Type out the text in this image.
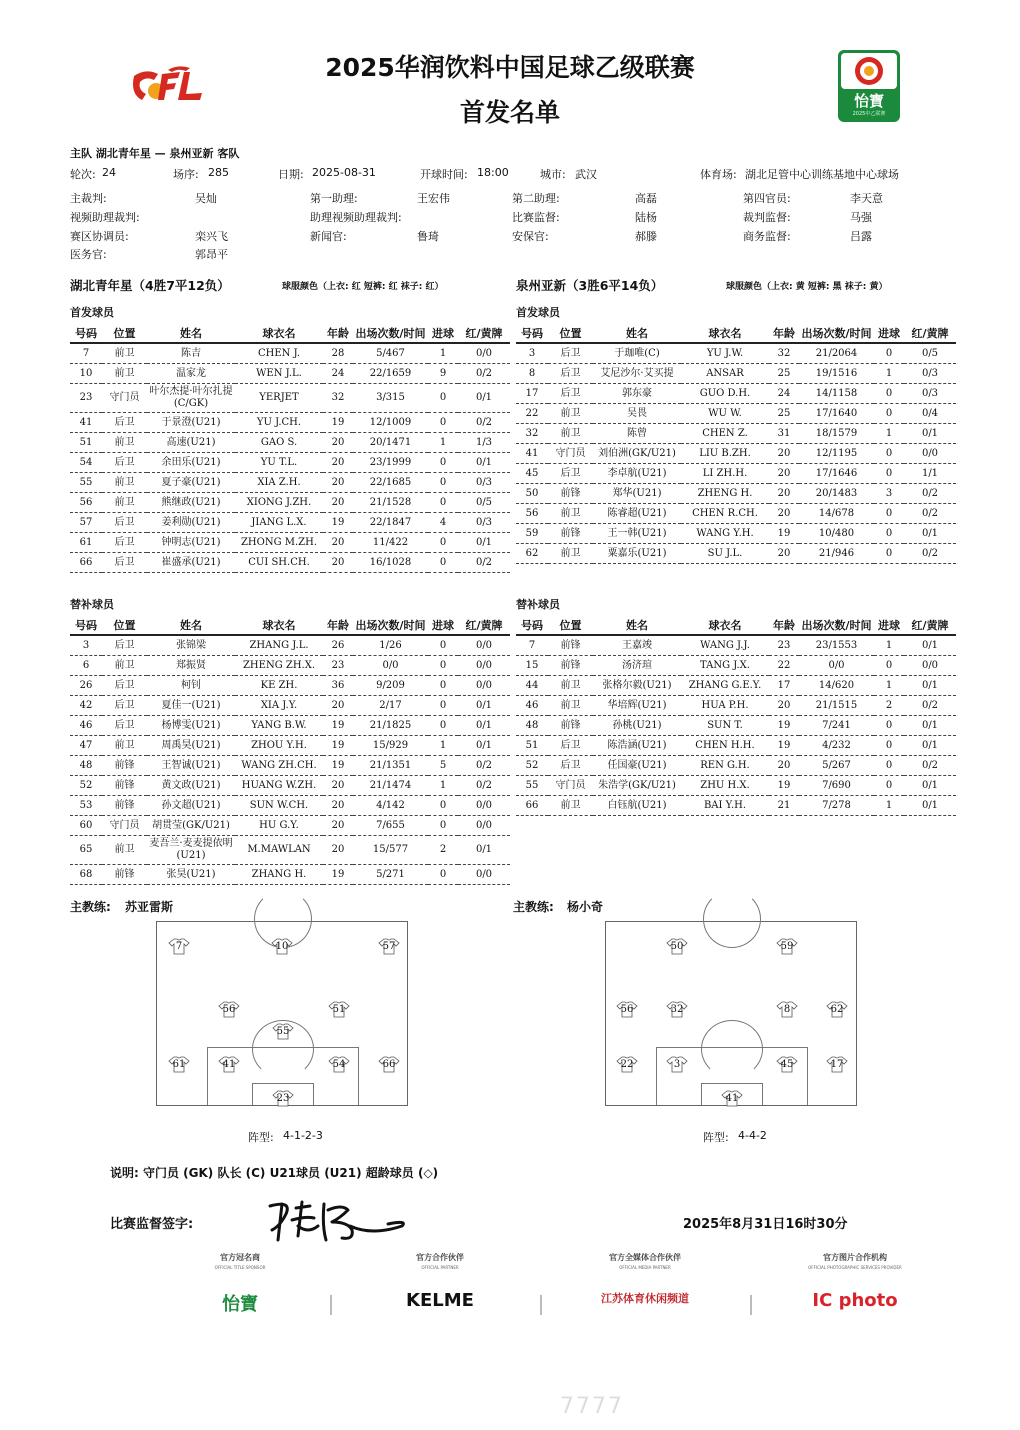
2025华润饮料中国足球乙级联赛
首发名单	怡寶
2025中乙联赛
主队 湖北青年星 — 泉州亚新 客队
轮次: 24	场序: 285	日期: 2025-08-31	开球时间: 18:00	城市: 武汉	体育场: 湖北足管中心训练基地中心球场
主裁判:	吴灿	第一助理:	王宏伟	第二助理:	高磊	第四官员:	李天意
视频助理裁判:	助理视频助理裁判:	比赛监督:	陆杨	裁判监督:	马强
赛区协调员:	栾兴飞	新闻官:	鲁琦	安保官:	郝滕	商务监督:	吕露
医务官:	郭昂平
湖北青年星（4胜7平12负）	球服颜色（上衣: 红 短裤: 红 袜子: 红）	泉州亚新（3胜6平14负）	球服颜色（上衣: 黄 短裤: 黑 袜子: 黄）
首发球员	首发球员
替补球员	替补球员
号码	位置	姓名	球衣名	年龄	出场次数/时间	进球	红/黄牌
7	前卫	陈吉	CHEN J.	28	5/467	1	0/0
10	前卫	温家龙	WEN J.L.	24	22/1659	9	0/2
23	守门员	叶尔杰提·叶尔扎提(C/GK)	YERJET	32	3/315	0	0/1
41	后卫	于景澄(U21)	YU J.CH.	19	12/1009	0	0/2
51	前卫	高速(U21)	GAO S.	20	20/1471	1	1/3
54	后卫	余田乐(U21)	YU T.L.	20	23/1999	0	0/1
55	前卫	夏子豪(U21)	XIA Z.H.	20	22/1685	0	0/3
56	前卫	熊继政(U21)	XIONG J.ZH.	20	21/1528	0	0/5
57	后卫	姜利勋(U21)	JIANG L.X.	19	22/1847	4	0/3
61	后卫	钟明志(U21)	ZHONG M.ZH.	20	11/422	0	0/1
66	后卫	崔盛承(U21)	CUI SH.CH.	20	16/1028	0	0/2
号码	位置	姓名	球衣名	年龄	出场次数/时间	进球	红/黄牌
3	后卫	于珈唯(C)	YU J.W.	32	21/2064	0	0/5
8	后卫	艾尼沙尔·艾买提	ANSAR	25	19/1516	1	0/3
17	后卫	郭东豪	GUO D.H.	24	14/1158	0	0/3
22	前卫	吴畏	WU W.	25	17/1640	0	0/4
32	前卫	陈曾	CHEN Z.	31	18/1579	1	0/1
41	守门员	刘伯洲(GK/U21)	LIU B.ZH.	20	12/1195	0	0/0
45	后卫	李卓航(U21)	LI ZH.H.	20	17/1646	0	1/1
50	前锋	郑华(U21)	ZHENG H.	20	20/1483	3	0/2
56	前卫	陈睿超(U21)	CHEN R.CH.	20	14/678	0	0/2
59	前锋	王一韩(U21)	WANG Y.H.	19	10/480	0	0/1
62	前卫	粟嘉乐(U21)	SU J.L.	20	21/946	0	0/2
号码	位置	姓名	球衣名	年龄	出场次数/时间	进球	红/黄牌
3	后卫	张锦梁	ZHANG J.L.	26	1/26	0	0/0
6	前卫	郑振贤	ZHENG ZH.X.	23	0/0	0	0/0
26	后卫	柯钊	KE ZH.	36	9/209	0	0/0
42	后卫	夏佳一(U21)	XIA J.Y.	20	2/17	0	0/1
46	后卫	杨博雯(U21)	YANG B.W.	19	21/1825	0	0/1
47	前卫	周禹昊(U21)	ZHOU Y.H.	19	15/929	1	0/1
48	前锋	王智诚(U21)	WANG ZH.CH.	19	21/1351	5	0/2
52	前锋	黄文政(U21)	HUANG W.ZH.	20	21/1474	1	0/2
53	前锋	孙文超(U21)	SUN W.CH.	20	4/142	0	0/0
60	守门员	胡贯莹(GK/U21)	HU G.Y.	20	7/655	0	0/0
65	前卫	麦吾兰·麦麦提依明(U21)	M.MAWLAN	20	15/577	2	0/1
68	前锋	张昊(U21)	ZHANG H.	19	5/271	0	0/0
号码	位置	姓名	球衣名	年龄	出场次数/时间	进球	红/黄牌
7	前锋	王嘉竣	WANG J.J.	23	23/1553	1	0/1
15	前锋	汤济瑄	TANG J.X.	22	0/0	0	0/0
44	前卫	张格尔毅(U21)	ZHANG G.E.Y.	17	14/620	1	0/1
46	前卫	华培辉(U21)	HUA P.H.	20	21/1515	2	0/2
48	前锋	孙桃(U21)	SUN T.	19	7/241	0	0/1
51	后卫	陈浩涵(U21)	CHEN H.H.	19	4/232	0	0/1
52	后卫	任国豪(U21)	REN G.H.	20	5/267	0	0/2
55	守门员	朱浩学(GK/U21)	ZHU H.X.	19	7/690	0	0/1
66	前卫	白钰航(U21)	BAI Y.H.	21	7/278	1	0/1
主教练: 苏亚雷斯	主教练: 杨小奇
7	10	57
56	51
55
61	41	54	66
23
50	59
56	32	8	62
22	3	45	17
41
阵型: 4-1-2-3	阵型: 4-4-2
说明: 守门员 (GK) 队长 (C) U21球员 (U21) 超龄球员 (◇)
比赛监督签字:	2025年8月31日16时30分
官方冠名商
OFFICIAL TITLE SPONSOR
怡寶
官方合作伙伴
OFFICIAL PARTNER
KELME
官方全媒体合作伙伴
OFFICIAL MEDIA PARTNER
江苏体育休闲频道
官方图片合作机构
OFFICIAL PHOTOGRAPHIC SERVICES PROVIDER
IC photo
7777
